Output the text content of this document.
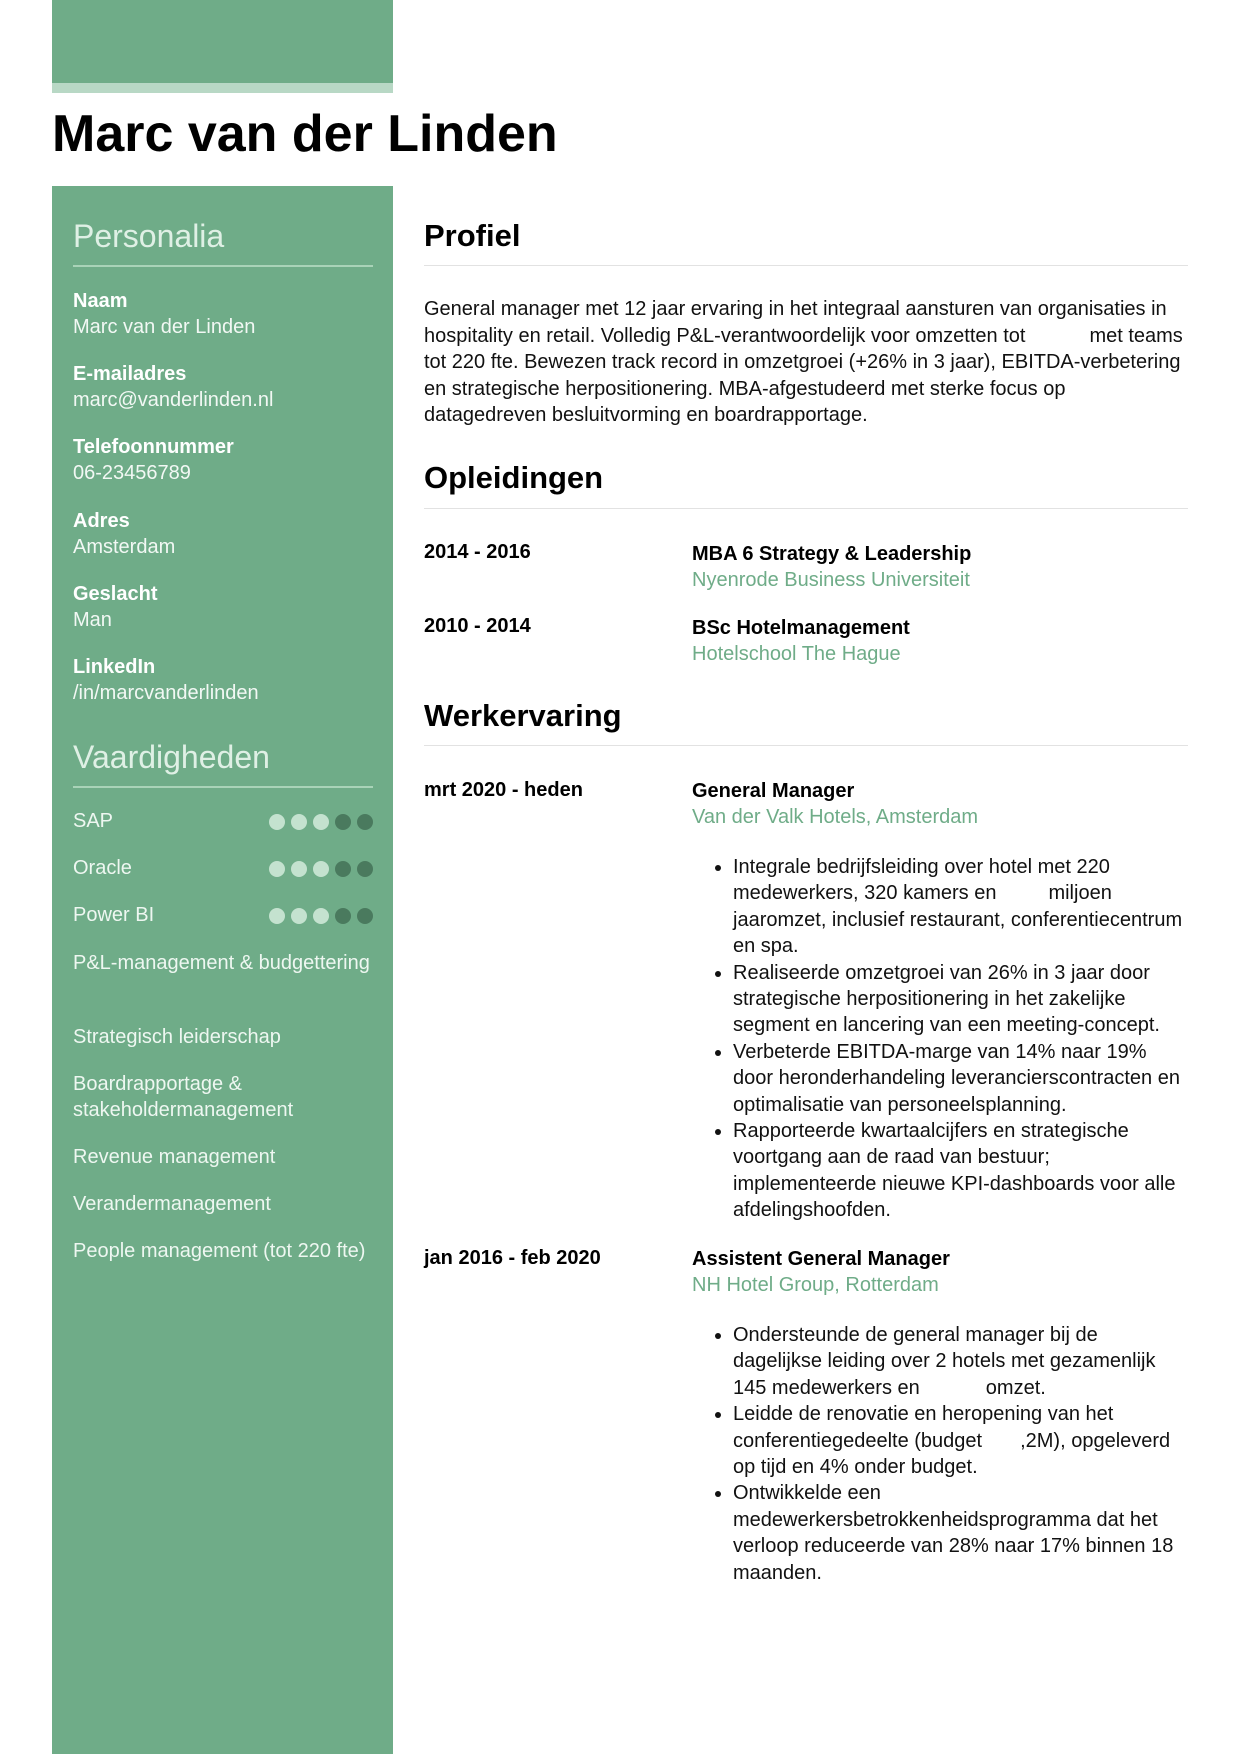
Marc van der Linden
Personalia
Naam
Marc van der Linden
E-mailadres
marc@vanderlinden.nl
Telefoonnummer
06-23456789
Adres
Amsterdam
Geslacht
Man
LinkedIn
/in/marcvanderlinden
Vaardigheden
SAP
Oracle
Power BI
P&L-management & budgettering
Strategisch leiderschap
Boardrapportage & stakeholdermanagement
Revenue management
Verandermanagement
People management (tot 220 fte)
Profiel

General manager met 12 jaar ervaring in het integraal aansturen van organisaties in hospitality en retail. Volledig P&L-verantwoordelijk voor omzetten tot	met teams tot 220 fte. Bewezen track record in omzetgroei (+26% in 3 jaar), EBITDA-verbetering en strategische herpositionering. MBA-afgestudeerd met sterke focus op datagedreven besluitvorming en boardrapportage.

Opleidingen
2014 - 2016	MBA 6 Strategy & Leadership
Nyenrode Business Universiteit
2010 - 2014	BSc Hotelmanagement
Hotelschool The Hague
Werkervaring
mrt 2020 - heden	General Manager
Van der Valk Hotels, Amsterdam
• Integrale bedrijfsleiding over hotel met 220 medewerkers, 320 kamers en	miljoen jaaromzet, inclusief restaurant, conferentiecentrum en spa.
• Realiseerde omzetgroei van 26% in 3 jaar door strategische herpositionering in het zakelijke segment en lancering van een meeting-concept.
• Verbeterde EBITDA-marge van 14% naar 19% door heronderhandeling leverancierscontracten en optimalisatie van personeelsplanning.
• Rapporteerde kwartaalcijfers en strategische voortgang aan de raad van bestuur; implementeerde nieuwe KPI-dashboards voor alle afdelingshoofden.
jan 2016 - feb 2020	Assistent General Manager
NH Hotel Group, Rotterdam
• Ondersteunde de general manager bij de dagelijkse leiding over 2 hotels met gezamenlijk 145 medewerkers en	omzet.
• Leidde de renovatie en heropening van het conferentiegedeelte (budget ,2M), opgeleverd op tijd en 4% onder budget.
• Ontwikkelde een medewerkersbetrokkenheidsprogramma dat het verloop reduceerde van 28% naar 17% binnen 18 maanden.
